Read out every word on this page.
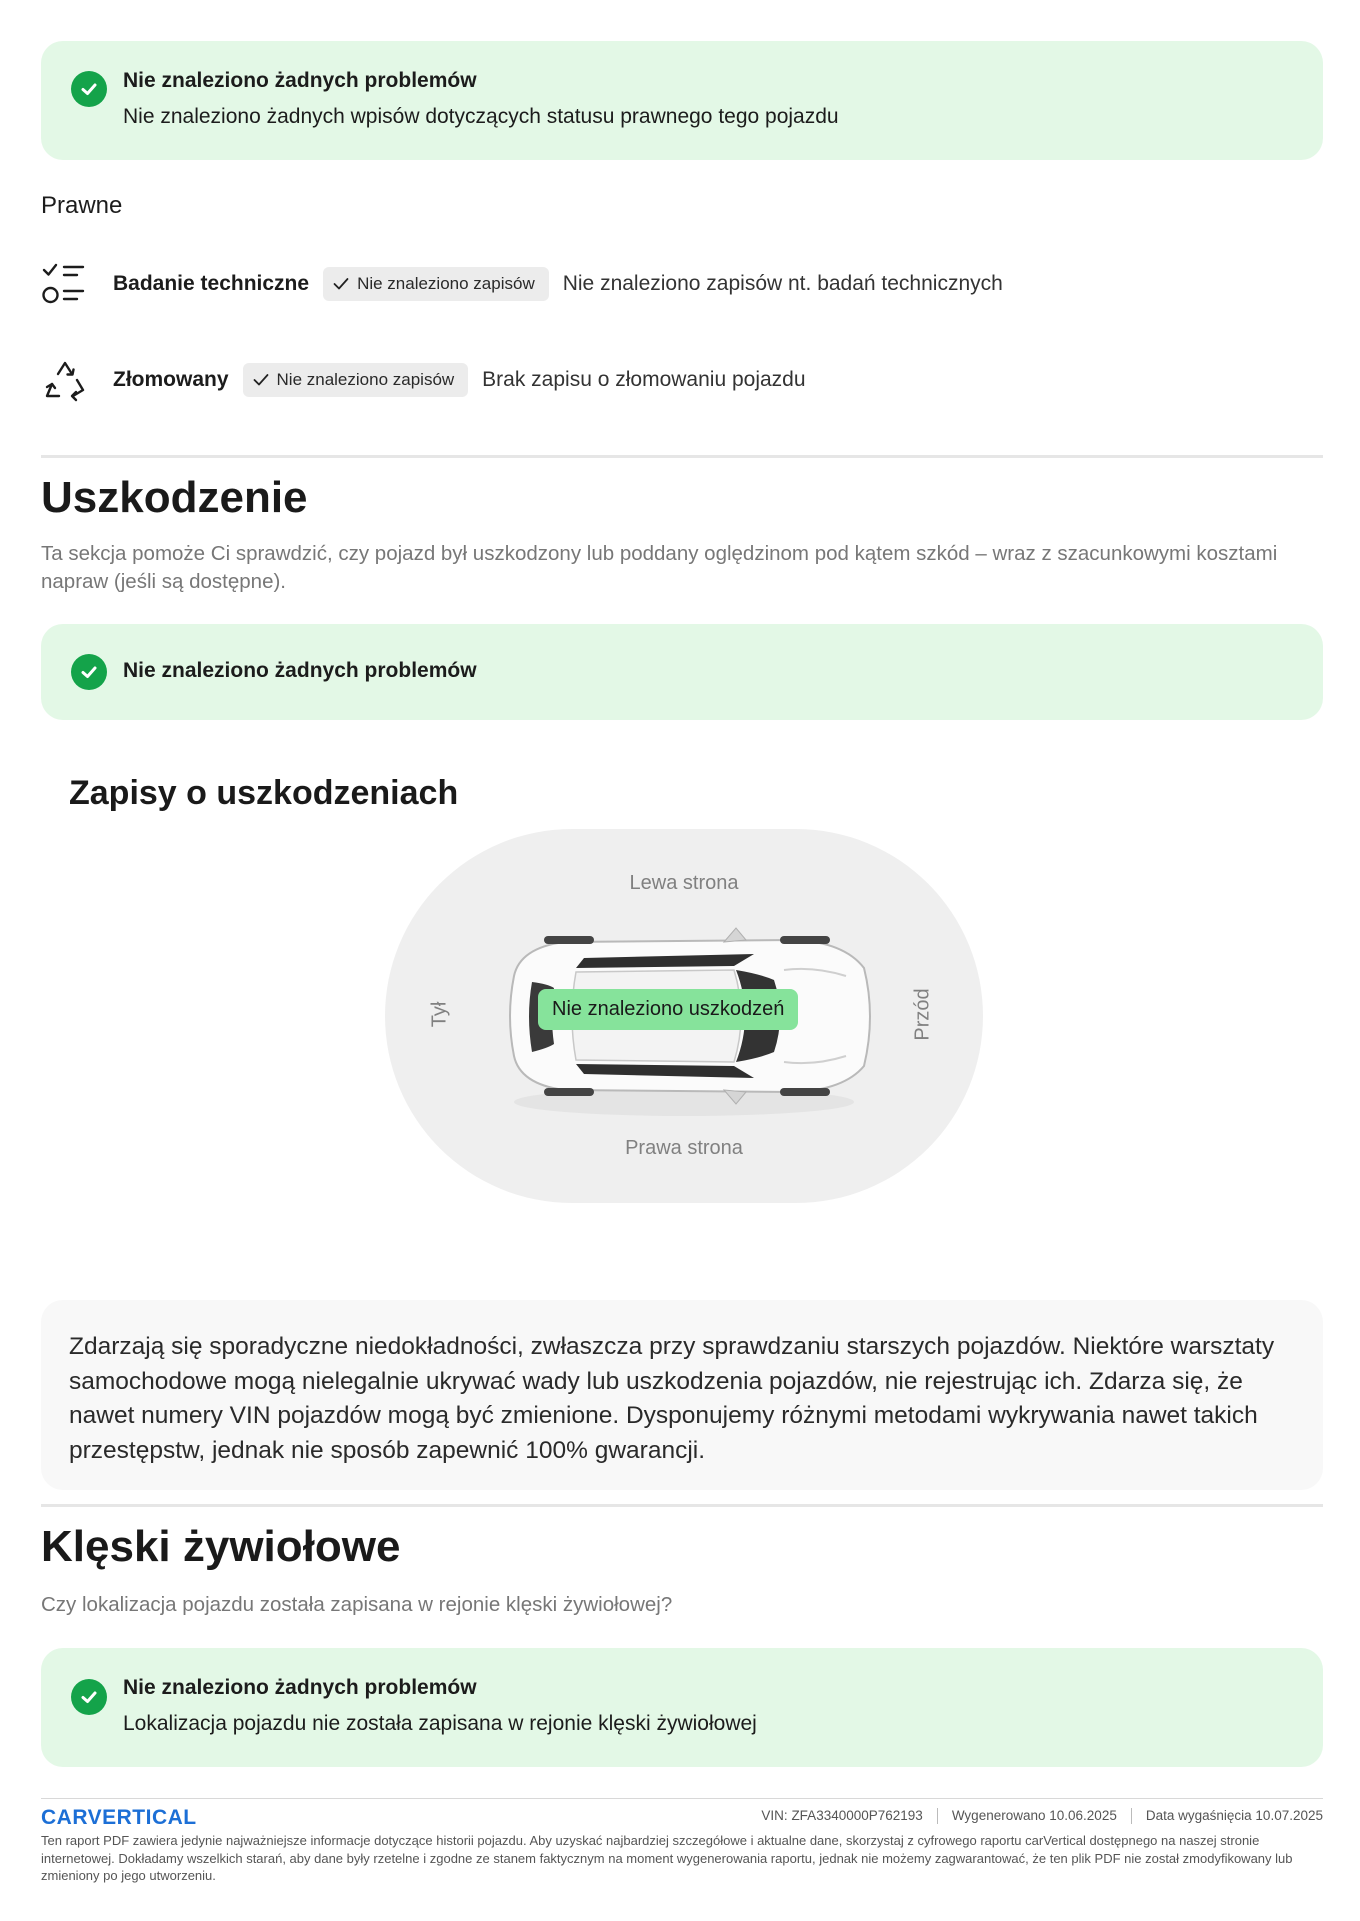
Nie znaleziono żadnych problemów
Nie znaleziono żadnych wpisów dotyczących statusu prawnego tego pojazdu
Prawne
Badanie techniczne	Nie znaleziono zapisów Nie znaleziono zapisów nt. badań technicznych
Złomowany	Nie znaleziono zapisów Brak zapisu o złomowaniu pojazdu
Uszkodzenie
Ta sekcja pomoże Ci sprawdzić, czy pojazd był uszkodzony lub poddany oględzinom pod kątem szkód – wraz z szacunkowymi kosztami napraw (jeśli są dostępne).
Nie znaleziono żadnych problemów
Zapisy o uszkodzeniach
Lewa strona
Prawa strona
Tył	Przód
Nie znaleziono uszkodzeń
Zdarzają się sporadyczne niedokładności, zwłaszcza przy sprawdzaniu starszych pojazdów. Niektóre warsztaty samochodowe mogą nielegalnie ukrywać wady lub uszkodzenia pojazdów, nie rejestrując ich. Zdarza się, że nawet numery VIN pojazdów mogą być zmienione. Dysponujemy różnymi metodami wykrywania nawet takich przestępstw, jednak nie sposób zapewnić 100% gwarancji.
Klęski żywiołowe
Czy lokalizacja pojazdu została zapisana w rejonie klęski żywiołowej?
Nie znaleziono żadnych problemów
Lokalizacja pojazdu nie została zapisana w rejonie klęski żywiołowej
CARVERTICAL	VIN:
ZFA3340000P762193 Wygenerowano
10.06.2025 Data wygaśnięcia
10.07.2025
Ten raport PDF zawiera jedynie najważniejsze informacje dotyczące historii pojazdu. Aby uzyskać najbardziej szczegółowe i aktualne dane, skorzystaj z cyfrowego raportu carVertical dostępnego na naszej stronie internetowej. Dokładamy wszelkich starań, aby dane były rzetelne i zgodne ze stanem faktycznym na moment wygenerowania raportu, jednak nie możemy zagwarantować, że ten plik PDF nie został zmodyfikowany lub zmieniony po jego utworzeniu.
